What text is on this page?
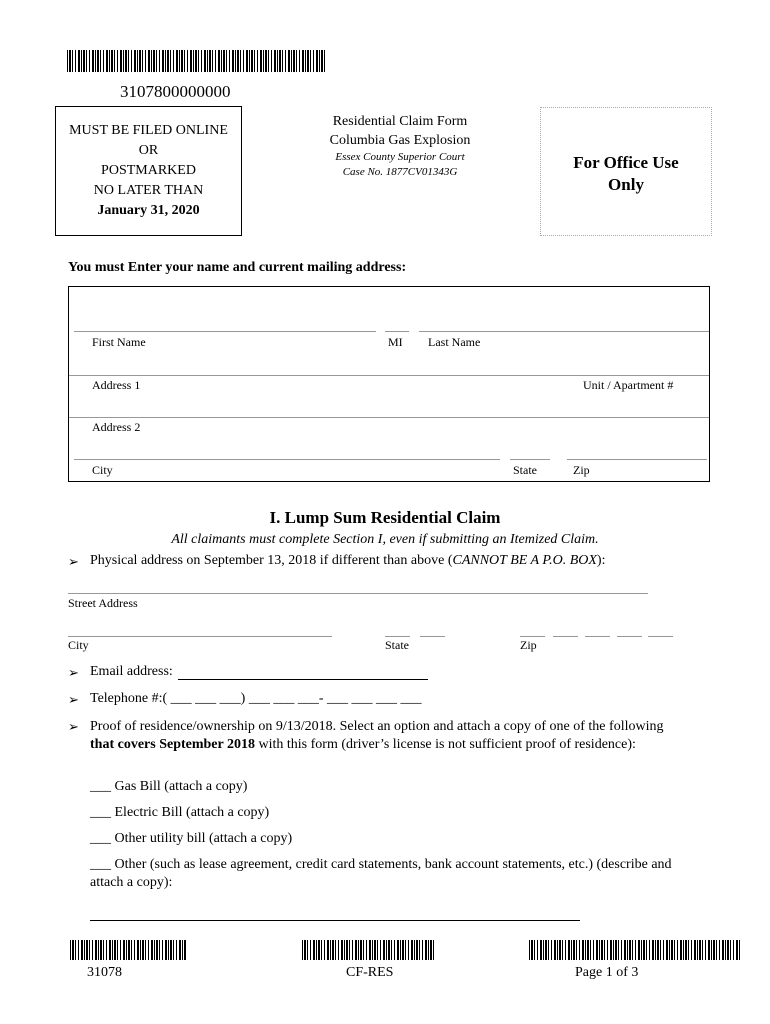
3107800000000
MUST BE FILED ONLINE
OR
POSTMARKED
NO LATER THAN
January 31, 2020
Residential Claim Form
Columbia Gas Explosion
Essex County Superior Court
Case No. 1877CV01343G	For Office Use
Only
You must Enter your name and current mailing address:
First Name	MI Last Name
Address 1	Unit / Apartment #
Address 2
City	State	Zip
I. Lump Sum Residential Claim
All claimants must complete Section I, even if submitting an Itemized Claim.
➢ Physical address on September 13, 2018 if different than above (CANNOT BE A P.O. BOX):
Street Address
City	State	Zip
➢ Email address:
➢ Telephone #:( ___ ___ ___) ___ ___ ___- ___ ___ ___ ___
➢ Proof of residence/ownership on 9/13/2018. Select an option and attach a copy of one of the following that covers September 2018 with this form (driver’s license is not sufficient proof of residence):
___ Gas Bill (attach a copy)
___ Electric Bill (attach a copy)
___ Other utility bill (attach a copy)
___ Other (such as lease agreement, credit card statements, bank account statements, etc.) (describe and attach a copy):
31078	CF-RES	Page 1 of 3
